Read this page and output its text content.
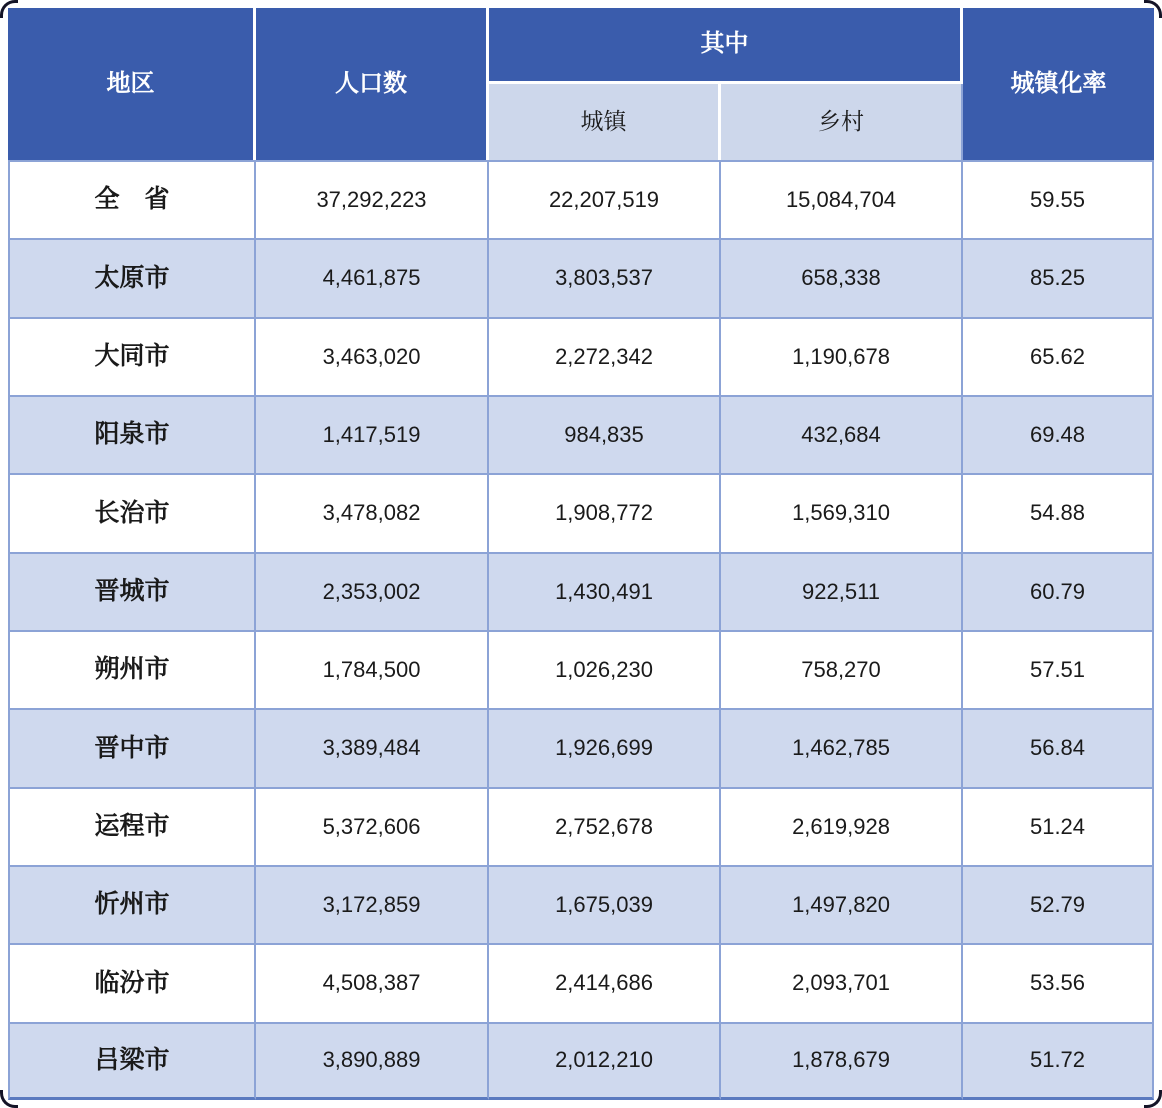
地区	人口数
其中
城镇	乡村
城镇化率
全　省	37,292,223	22,207,519	15,084,704	59.55
太原市	4,461,875	3,803,537	658,338	85.25
大同市	3,463,020	2,272,342	1,190,678	65.62
阳泉市	1,417,519	984,835	432,684	69.48
长治市	3,478,082	1,908,772	1,569,310	54.88
晋城市	2,353,002	1,430,491	922,511	60.79
朔州市	1,784,500	1,026,230	758,270	57.51
晋中市	3,389,484	1,926,699	1,462,785	56.84
运程市	5,372,606	2,752,678	2,619,928	51.24
忻州市	3,172,859	1,675,039	1,497,820	52.79
临汾市	4,508,387	2,414,686	2,093,701	53.56
吕梁市	3,890,889	2,012,210	1,878,679	51.72
